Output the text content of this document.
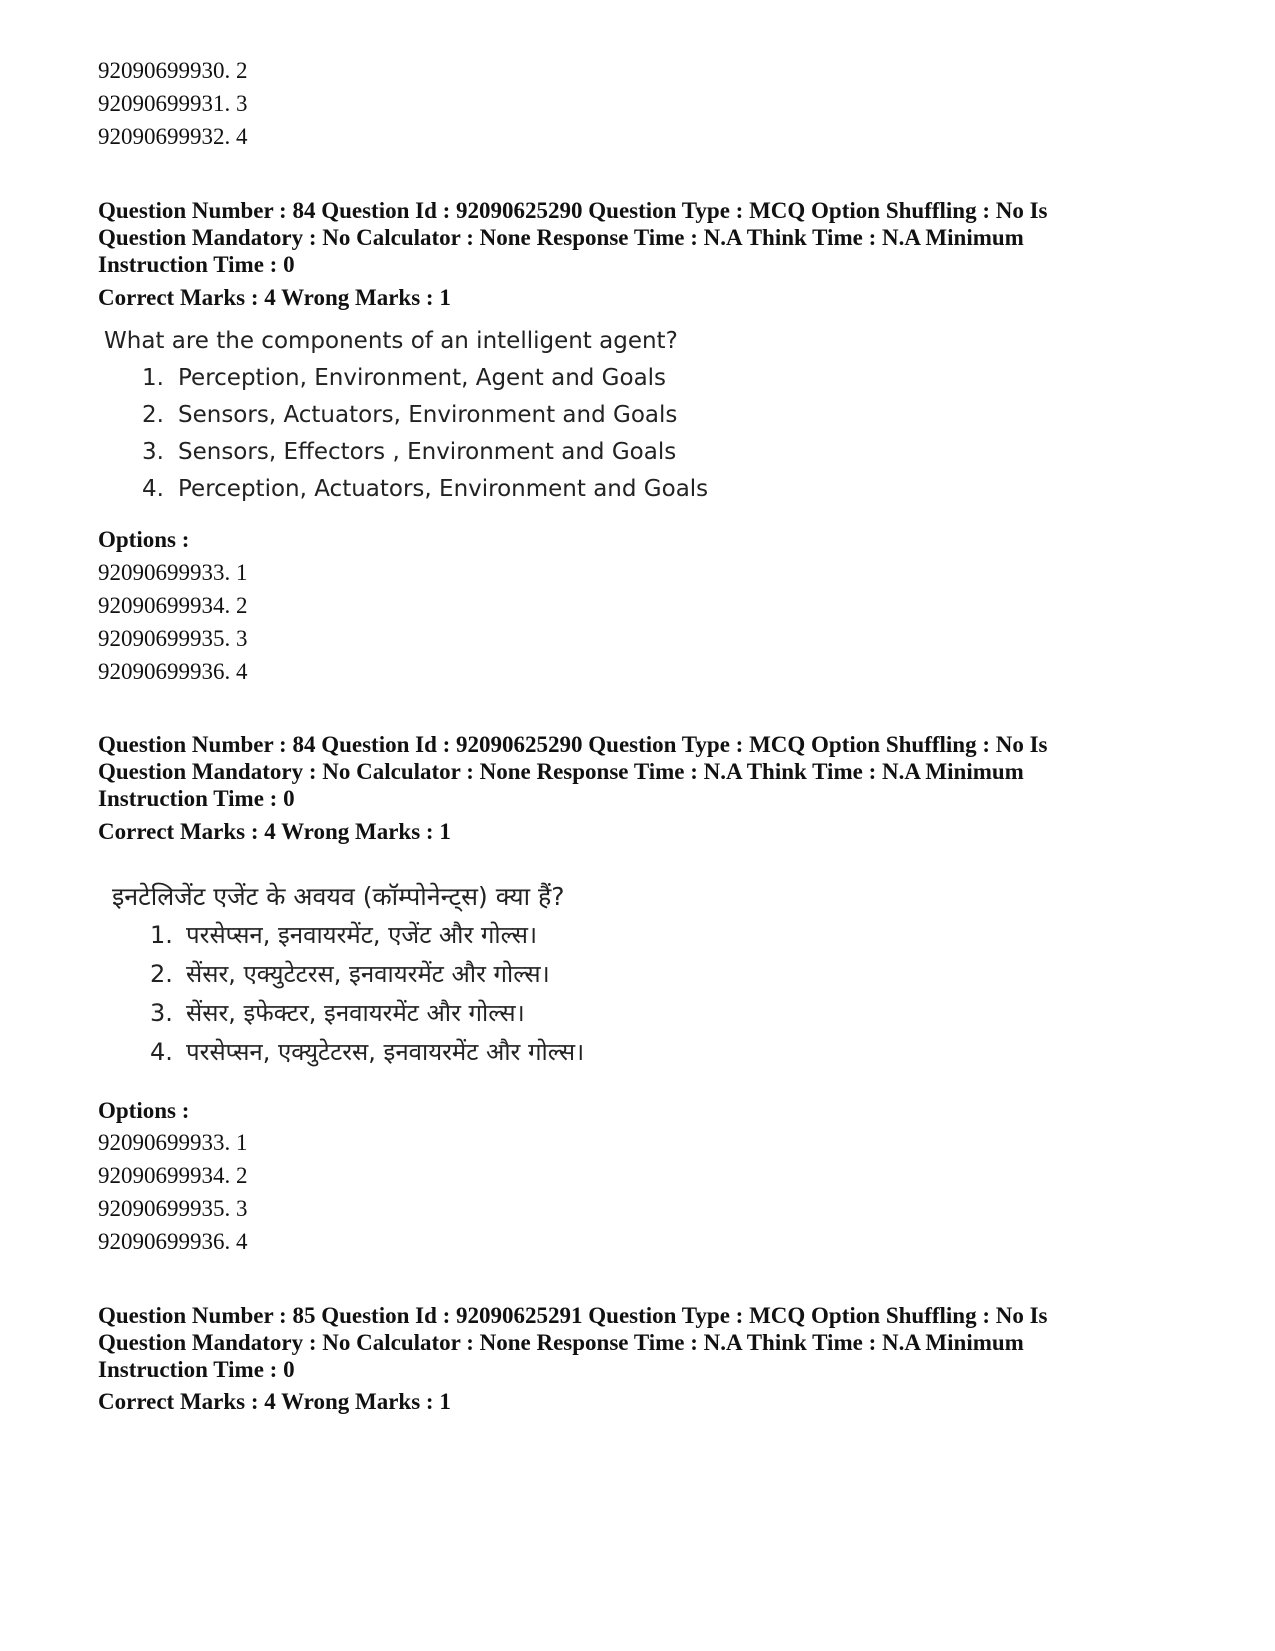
92090699930. 2
92090699931. 3
92090699932. 4
Question Number : 84 Question Id : 92090625290 Question Type : MCQ Option Shuffling : No Is
Question Mandatory : No Calculator : None Response Time : N.A Think Time : N.A Minimum
Instruction Time : 0
Correct Marks : 4 Wrong Marks : 1
What are the components of an intelligent agent?
1. Perception, Environment, Agent and Goals
2. Sensors, Actuators, Environment and Goals
3. Sensors, Effectors , Environment and Goals
4. Perception, Actuators, Environment and Goals
Options :
92090699933. 1
92090699934. 2
92090699935. 3
92090699936. 4
Question Number : 84 Question Id : 92090625290 Question Type : MCQ Option Shuffling : No Is
Question Mandatory : No Calculator : None Response Time : N.A Think Time : N.A Minimum
Instruction Time : 0
Correct Marks : 4 Wrong Marks : 1
इनटेलिजेंट एजेंट के अवयव (कॉम्पोनेन्ट्स) क्या हैं?
1. परसेप्सन, इनवायरमेंट, एजेंट और गोल्स।
2. सेंसर, एक्युटेटरस, इनवायरमेंट और गोल्स।
3. सेंसर, इफेक्टर, इनवायरमेंट और गोल्स।
4. परसेप्सन, एक्युटेटरस, इनवायरमेंट और गोल्स।
Options :
92090699933. 1
92090699934. 2
92090699935. 3
92090699936. 4
Question Number : 85 Question Id : 92090625291 Question Type : MCQ Option Shuffling : No Is
Question Mandatory : No Calculator : None Response Time : N.A Think Time : N.A Minimum
Instruction Time : 0
Correct Marks : 4 Wrong Marks : 1
